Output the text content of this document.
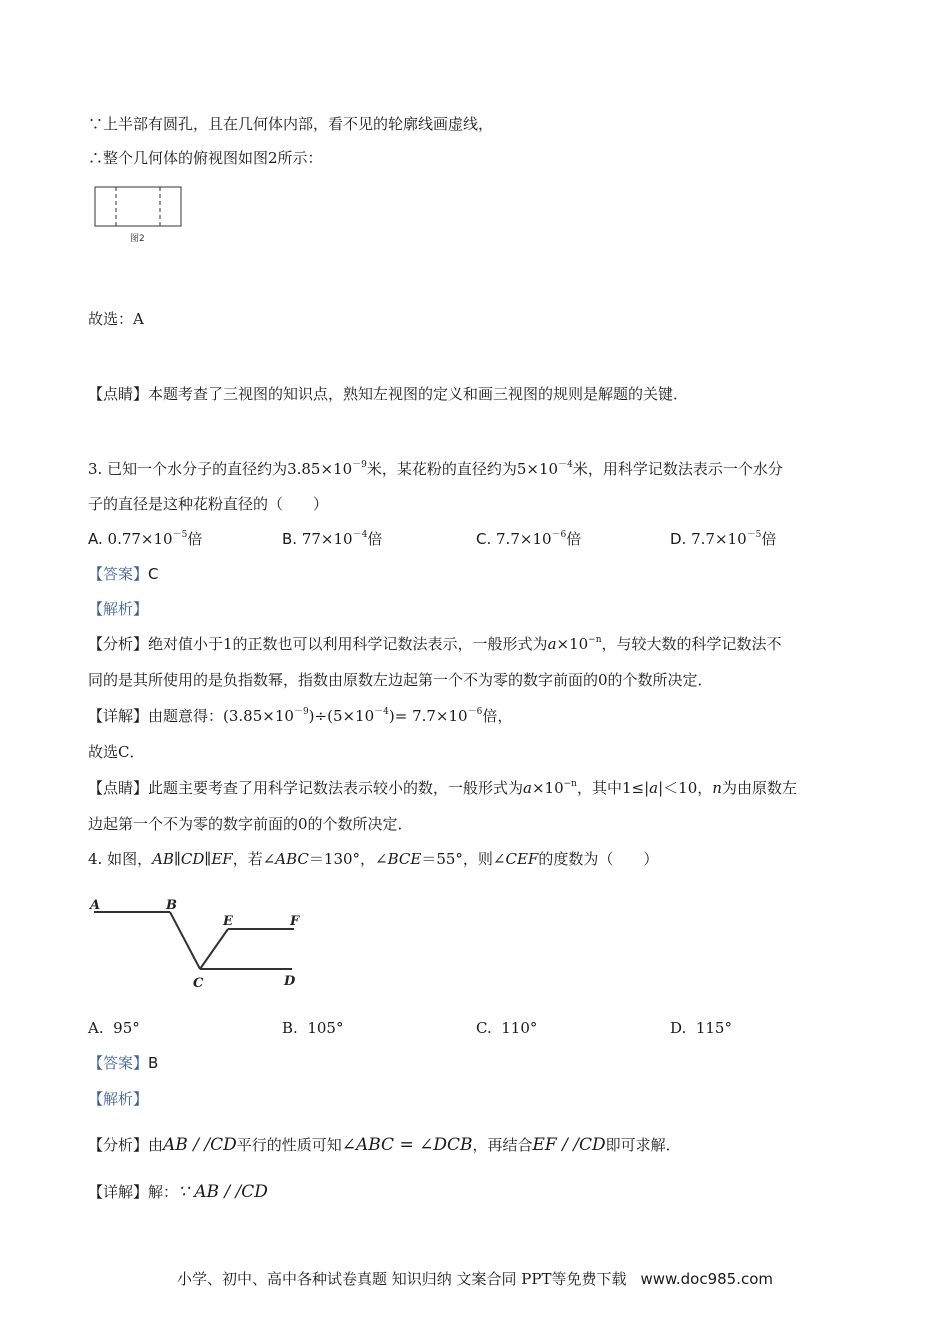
∵上半部有圆孔，且在几何体内部，看不见的轮廓线画虚线，
∴整个几何体的俯视图如图2所示：
图2
故选：A
【点睛】本题考查了三视图的知识点，熟知左视图的定义和画三视图的规则是解题的关键．
3. 已知一个水分子的直径约为$3.85\times 10^{-9}$米，某花粉的直径约为$5\times 10^{-4}$米，用科学记数法表示一个水分
子的直径是这种花粉直径的（　　）
A. $0.77\times 10^{-5}$倍	B. $77\times 10^{-4}$倍	C. $7.7\times 10^{-6}$倍	D. $7.7\times 10^{-5}$倍
【答案】C
【解析】
【分析】绝对值小于1的正数也可以利用科学记数法表示，一般形式为$a\times 10^{-n}$，与较大数的科学记数法不
同的是其所使用的是负指数幂，指数由原数左边起第一个不为零的数字前面的0的个数所决定．
【详解】由题意得：$(3.85\times 10^{-9})\div(5\times 10^{-4})= 7.7\times 10^{-6}$倍，
故选C．
【点睛】此题主要考查了用科学记数法表示较小的数，一般形式为$a\times 10^{-n}$，其中1≤|a|＜10，n为由原数左
边起第一个不为零的数字前面的0的个数所决定．
4. 如图，AB∥CD∥EF，若∠ABC＝130°，∠BCE＝55°，则∠CEF的度数为（　　）
A	B
E	F
C	D
A. 95°	B. 105°	C. 110°	D. 115°
【答案】B
【解析】
【分析】由AB / /CD平行的性质可知∠ABC = ∠DCB，再结合EF / /CD即可求解．
【详解】解：∵ AB / /CD
小学、初中、高中各种试卷真题 知识归纳 文案合同 PPT等免费下载 www.doc985.com
